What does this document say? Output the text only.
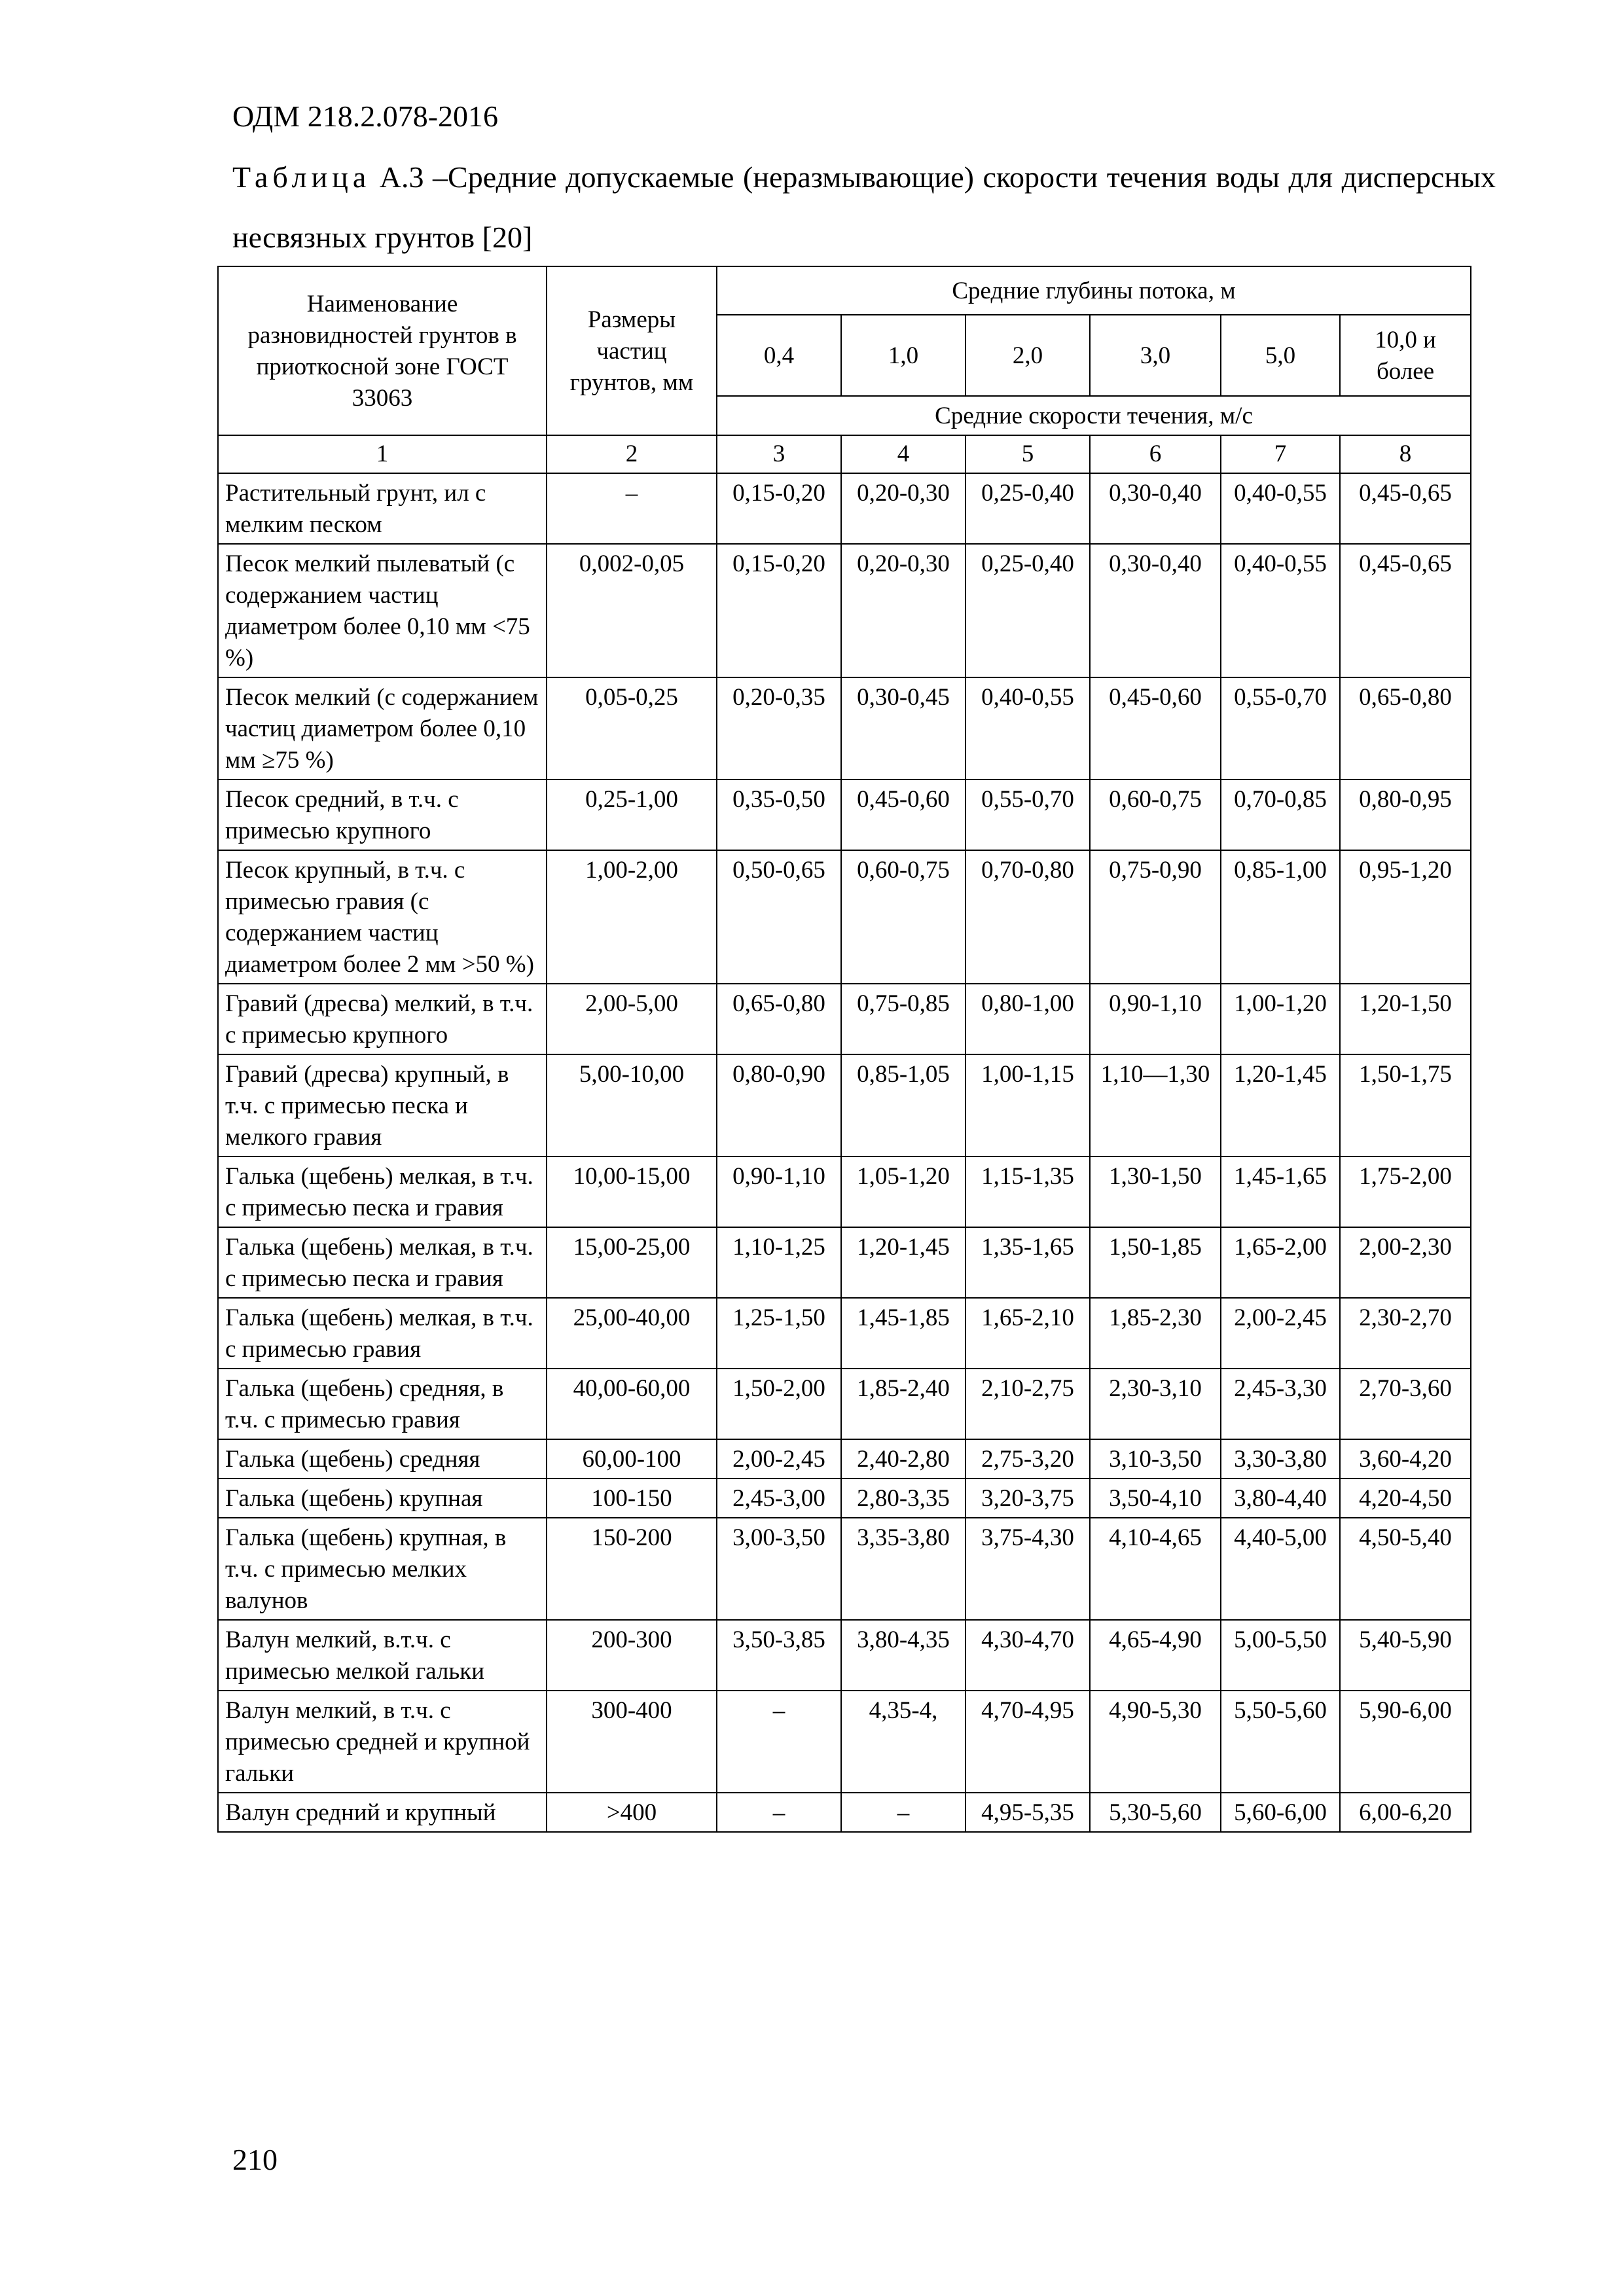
ОДМ 218.2.078-2016
Таблица А.3 –Средние допускаемые (неразмывающие) скорости течения воды для дисперсных несвязных грунтов [20]
Наименование разновидностей грунтов в приоткосной зоне ГОСТ 33063	Размеры частиц грунтов, мм	Средние глубины потока, м					
		0,4	1,0	2,0	3,0	5,0	10,0 и более
		Средние скорости течения, м/с					
1	2	3	4	5	6	7	8
Растительный грунт, ил с мелким песком	–	0,15-0,20	0,20-0,30	0,25-0,40	0,30-0,40	0,40-0,55	0,45-0,65
Песок мелкий пылеватый (с содержанием частиц диаметром более 0,10 мм <75 %)	0,002-0,05	0,15-0,20	0,20-0,30	0,25-0,40	0,30-0,40	0,40-0,55	0,45-0,65
Песок мелкий (с содержанием частиц диаметром более 0,10 мм ≥75 %)	0,05-0,25	0,20-0,35	0,30-0,45	0,40-0,55	0,45-0,60	0,55-0,70	0,65-0,80
Песок средний, в т.ч. с примесью крупного	0,25-1,00	0,35-0,50	0,45-0,60	0,55-0,70	0,60-0,75	0,70-0,85	0,80-0,95
Песок крупный, в т.ч. с примесью гравия (с содержанием частиц диаметром более 2 мм >50 %)	1,00-2,00	0,50-0,65	0,60-0,75	0,70-0,80	0,75-0,90	0,85-1,00	0,95-1,20
Гравий (дресва) мелкий, в т.ч. с примесью крупного	2,00-5,00	0,65-0,80	0,75-0,85	0,80-1,00	0,90-1,10	1,00-1,20	1,20-1,50
Гравий (дресва) крупный, в т.ч. с примесью песка и мелкого гравия	5,00-10,00	0,80-0,90	0,85-1,05	1,00-1,15	1,10—1,30	1,20-1,45	1,50-1,75
Галька (щебень) мелкая, в т.ч. с примесью песка и гравия	10,00-15,00	0,90-1,10	1,05-1,20	1,15-1,35	1,30-1,50	1,45-1,65	1,75-2,00
Галька (щебень) мелкая, в т.ч. с примесью песка и гравия	15,00-25,00	1,10-1,25	1,20-1,45	1,35-1,65	1,50-1,85	1,65-2,00	2,00-2,30
Галька (щебень) мелкая, в т.ч. с примесью гравия	25,00-40,00	1,25-1,50	1,45-1,85	1,65-2,10	1,85-2,30	2,00-2,45	2,30-2,70
Галька (щебень) средняя, в т.ч. с примесью гравия	40,00-60,00	1,50-2,00	1,85-2,40	2,10-2,75	2,30-3,10	2,45-3,30	2,70-3,60
Галька (щебень) средняя	60,00-100	2,00-2,45	2,40-2,80	2,75-3,20	3,10-3,50	3,30-3,80	3,60-4,20
Галька (щебень) крупная	100-150	2,45-3,00	2,80-3,35	3,20-3,75	3,50-4,10	3,80-4,40	4,20-4,50
Галька (щебень) крупная, в т.ч. с примесью мелких валунов	150-200	3,00-3,50	3,35-3,80	3,75-4,30	4,10-4,65	4,40-5,00	4,50-5,40
Валун мелкий, в.т.ч. с примесью мелкой гальки	200-300	3,50-3,85	3,80-4,35	4,30-4,70	4,65-4,90	5,00-5,50	5,40-5,90
Валун мелкий, в т.ч. с примесью средней и крупной гальки	300-400	–	4,35-4,	4,70-4,95	4,90-5,30	5,50-5,60	5,90-6,00
Валун средний и крупный	>400	–	–	4,95-5,35	5,30-5,60	5,60-6,00	6,00-6,20
210
